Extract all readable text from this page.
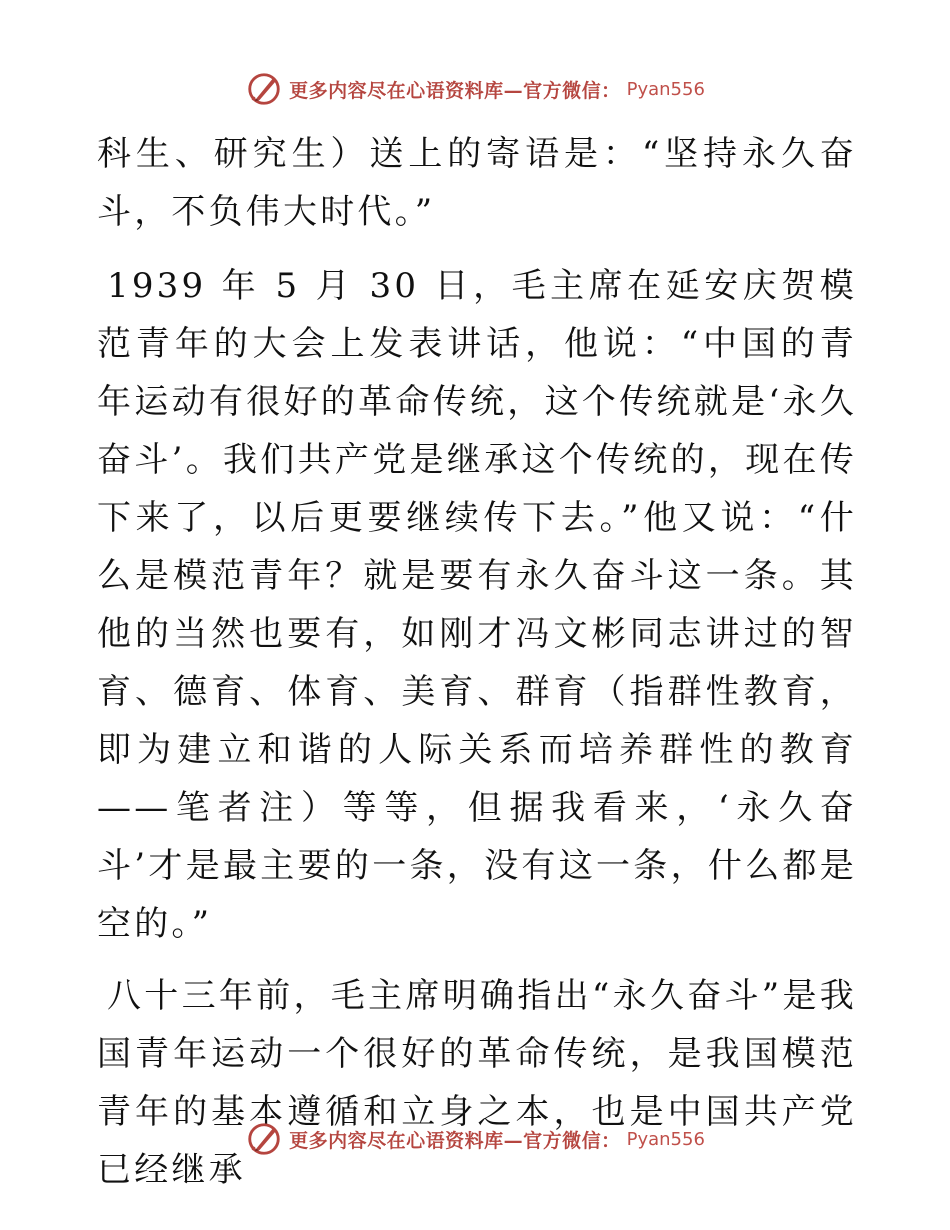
更多内容尽在心语资料库—官方微信： Pyan556

科生、研究生）送上的寄语是：“坚持永久奋斗，不负伟大时代。”

1939 年 5 月 30 日，毛主席在延安庆贺模范青年的大会上发表讲话，他说：“中国的青年运动有很好的革命传统，这个传统就是‘永久奋斗’。我们共产党是继承这个传统的，现在传下来了，以后更要继续传下去。”他又说：“什么是模范青年？就是要有永久奋斗这一条。其他的当然也要有，如刚才冯文彬同志讲过的智育、德育、体育、美育、群育（指群性教育，即为建立和谐的人际关系而培养群性的教育——笔者注）等等，但据我看来，‘永久奋斗’才是最主要的一条，没有这一条，什么都是空的。”

八十三年前，毛主席明确指出“永久奋斗”是我国青年运动一个很好的革命传统，是我国模范青年的基本遵循和立身之本，也是中国共产党已经继承

更多内容尽在心语资料库—官方微信： Pyan556
